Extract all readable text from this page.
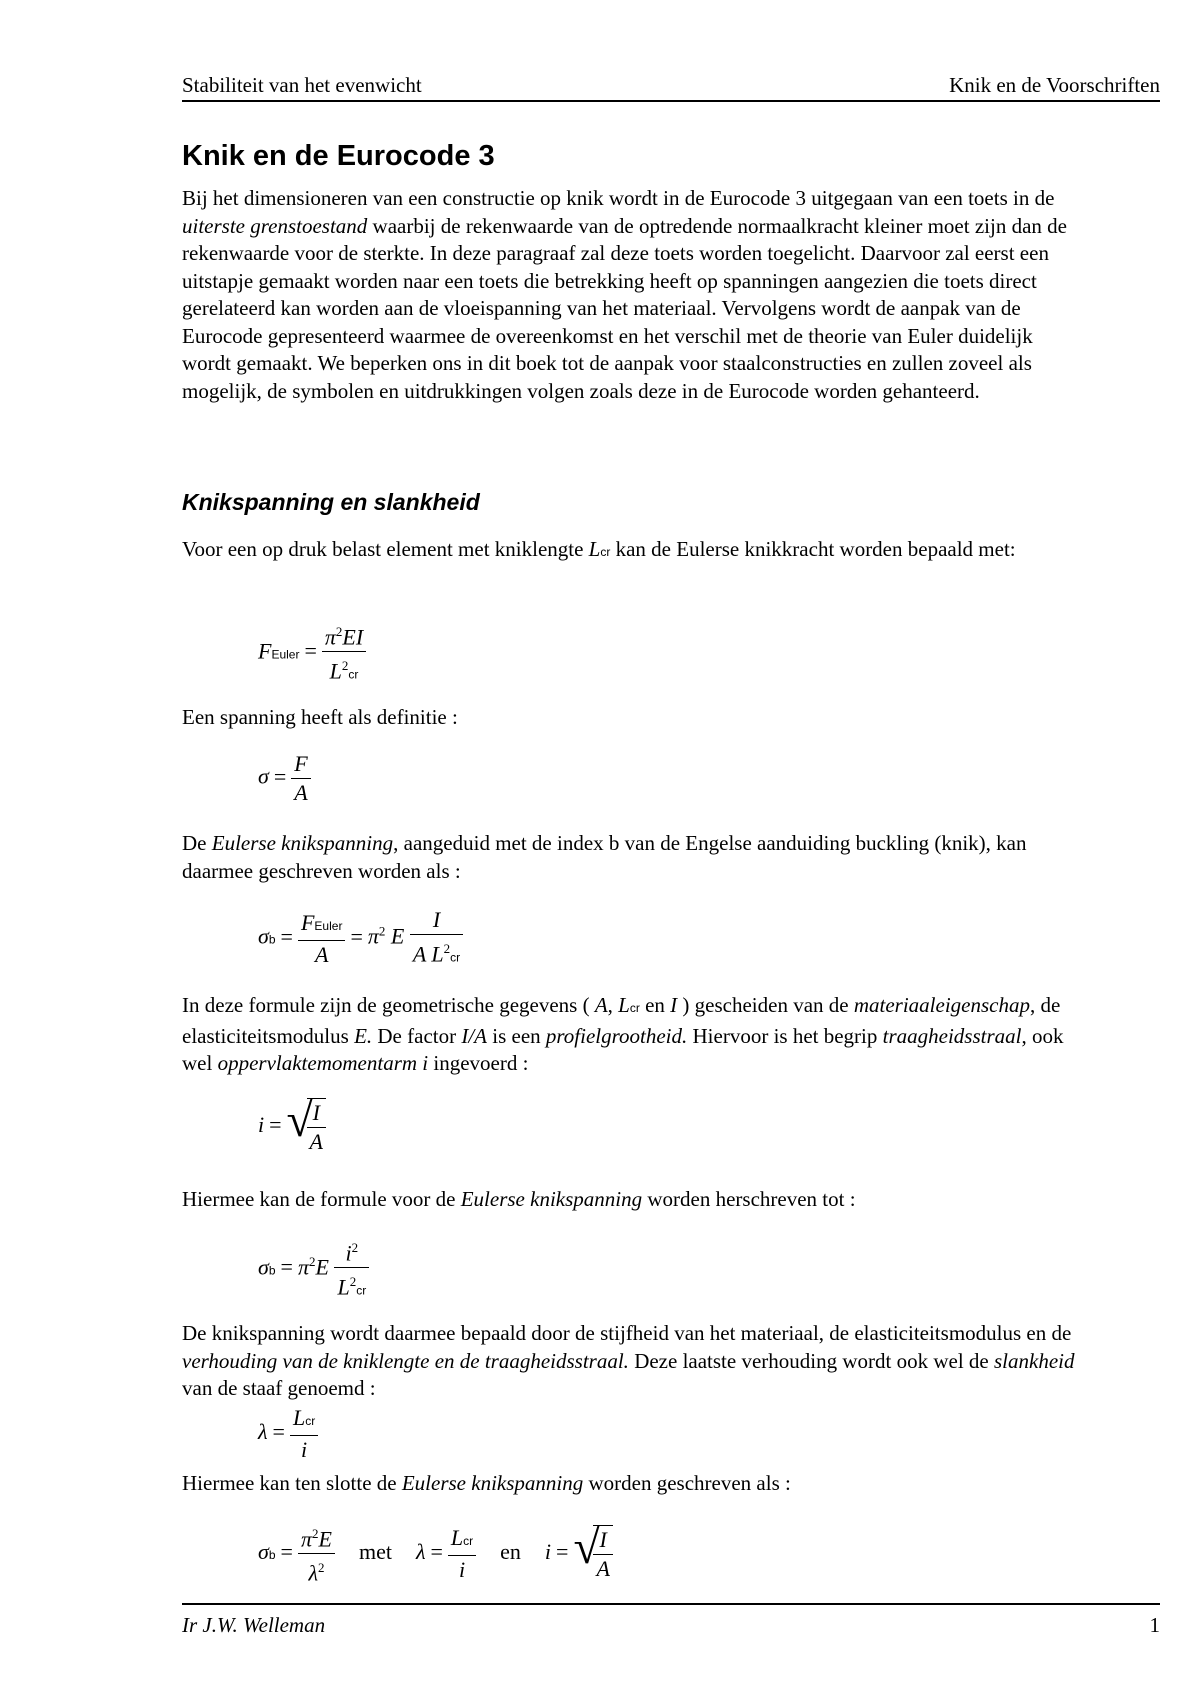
Stabiliteit van het evenwicht	Knik en de Voorschriften
Knik en de Eurocode 3

Bij het dimensioneren van een constructie op knik wordt in de Eurocode 3 uitgegaan van een toets in de uiterste grenstoestand waarbij de rekenwaarde van de optredende normaalkracht kleiner moet zijn dan de rekenwaarde voor de sterkte. In deze paragraaf zal deze toets worden toegelicht. Daarvoor zal eerst een uitstapje gemaakt worden naar een toets die betrekking heeft op spanningen aangezien die toets direct gerelateerd kan worden aan de vloeispanning van het materiaal. Vervolgens wordt de aanpak van de Eurocode gepresenteerd waarmee de overeenkomst en het verschil met de theorie van Euler duidelijk wordt gemaakt. We beperken ons in dit boek tot de aanpak voor staalconstructies en zullen zoveel als mogelijk, de symbolen en uitdrukkingen volgen zoals deze in de Eurocode worden gehanteerd.

Knikspanning en slankheid

Voor een op druk belast element met kniklengte Lcr kan de Eulerse knikkracht worden bepaald met:

FEuler = $\frac{\pi^2EI}{L^2cr}$

Een spanning heeft als definitie :

$\sigma = \frac{F}{A}$

De Eulerse knikspanning, aangeduid met de index b van de Engelse aanduiding buckling (knik), kan daarmee geschreven worden als :

$\sigma b = \frac{\text{FEuler}}{A} = \pi^2$ E $\frac{I}{A L^2cr}$

In deze formule zijn de geometrische gegevens ( A, Lcr en I ) gescheiden van de materiaaleigenschap, de elasticiteitsmodulus E. De factor I/A is een profielgrootheid. Hiervoor is het begrip traagheidsstraal, ook wel oppervlaktemomentarm i ingevoerd :

i = √
$\frac{I}{A}$

Hiermee kan de formule voor de Eulerse knikspanning worden herschreven tot :

$\sigma b = \pi^2E \frac{i^2}{L^2cr}$

De knikspanning wordt daarmee bepaald door de stijfheid van het materiaal, de elasticiteitsmodulus en de verhouding van de kniklengte en de traagheidsstraal. Deze laatste verhouding wordt ook wel de slankheid van de staaf genoemd :

$\lambda = \frac{\text{Lcr}}{i}$

Hiermee kan ten slotte de Eulerse knikspanning worden geschreven als :

$\sigma b = \frac{\pi^2E}{\lambda^2}$ met $\lambda = \frac{\text{Lcr}}{i}$ en i = √
$\frac{I}{A}$
Ir J.W. Welleman	1
